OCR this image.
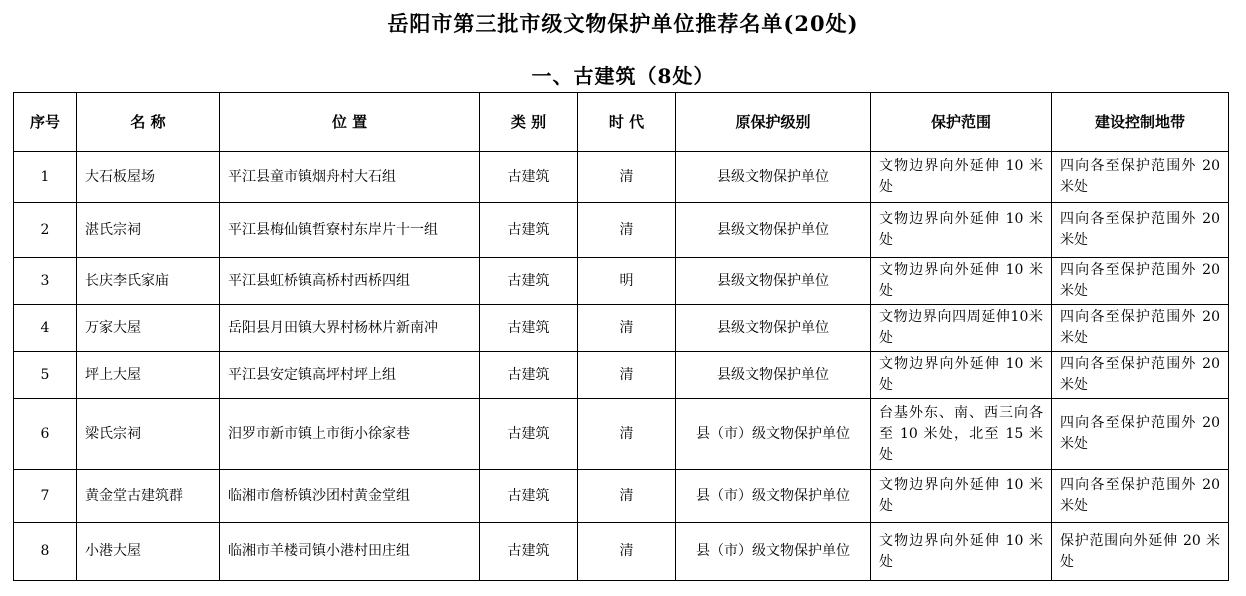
岳阳市第三批市级文物保护单位推荐名单(20处)
一、古建筑（8处）
序号	名 称	位 置	类 别	时 代	原保护级别	保护范围	建设控制地带
1	大石板屋场	平江县童市镇烟舟村大石组	古建筑	清	县级文物保护单位	文物边界向外延伸 10 米处	四向各至保护范围外 20 米处
2	湛氏宗祠	平江县梅仙镇哲寮村东岸片十一组	古建筑	清	县级文物保护单位	文物边界向外延伸 10 米处	四向各至保护范围外 20 米处
3	长庆李氏家庙	平江县虹桥镇高桥村西桥四组	古建筑	明	县级文物保护单位	文物边界向外延伸 10 米处	四向各至保护范围外 20 米处
4	万家大屋	岳阳县月田镇大界村杨林片新南冲	古建筑	清	县级文物保护单位	文物边界向四周延伸10米处	四向各至保护范围外 20 米处
5	坪上大屋	平江县安定镇高坪村坪上组	古建筑	清	县级文物保护单位	文物边界向外延伸 10 米处	四向各至保护范围外 20 米处
6	梁氏宗祠	汨罗市新市镇上市街小徐家巷	古建筑	清	县（市）级文物保护单位	台基外东、南、西三向各至 10 米处，北至 15 米处	四向各至保护范围外 20 米处
7	黄金堂古建筑群	临湘市詹桥镇沙团村黄金堂组	古建筑	清	县（市）级文物保护单位	文物边界向外延伸 10 米处	四向各至保护范围外 20 米处
8	小港大屋	临湘市羊楼司镇小港村田庄组	古建筑	清	县（市）级文物保护单位	文物边界向外延伸 10 米处	保护范围向外延伸 20 米处
